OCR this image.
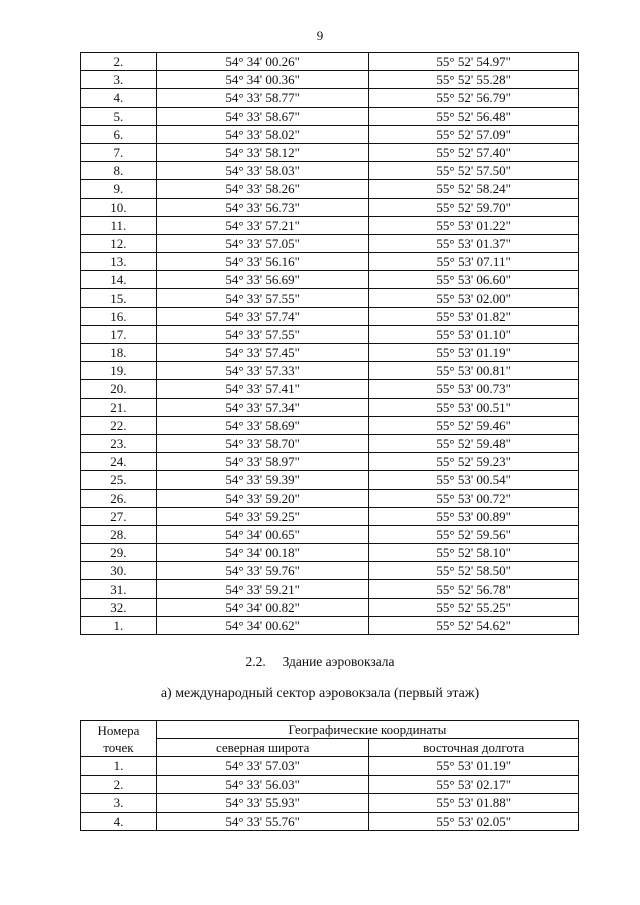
9
2.	54° 34' 00.26"	55° 52' 54.97"
3.	54° 34' 00.36"	55° 52' 55.28"
4.	54° 33' 58.77"	55° 52' 56.79"
5.	54° 33' 58.67"	55° 52' 56.48"
6.	54° 33' 58.02"	55° 52' 57.09"
7.	54° 33' 58.12"	55° 52' 57.40"
8.	54° 33' 58.03"	55° 52' 57.50"
9.	54° 33' 58.26"	55° 52' 58.24"
10.	54° 33' 56.73"	55° 52' 59.70"
11.	54° 33' 57.21"	55° 53' 01.22"
12.	54° 33' 57.05"	55° 53' 01.37"
13.	54° 33' 56.16"	55° 53' 07.11"
14.	54° 33' 56.69"	55° 53' 06.60"
15.	54° 33' 57.55"	55° 53' 02.00"
16.	54° 33' 57.74"	55° 53' 01.82"
17.	54° 33' 57.55"	55° 53' 01.10"
18.	54° 33' 57.45"	55° 53' 01.19"
19.	54° 33' 57.33"	55° 53' 00.81"
20.	54° 33' 57.41"	55° 53' 00.73"
21.	54° 33' 57.34"	55° 53' 00.51"
22.	54° 33' 58.69"	55° 52' 59.46"
23.	54° 33' 58.70"	55° 52' 59.48"
24.	54° 33' 58.97"	55° 52' 59.23"
25.	54° 33' 59.39"	55° 53' 00.54"
26.	54° 33' 59.20"	55° 53' 00.72"
27.	54° 33' 59.25"	55° 53' 00.89"
28.	54° 34' 00.65"	55° 52' 59.56"
29.	54° 34' 00.18"	55° 52' 58.10"
30.	54° 33' 59.76"	55° 52' 58.50"
31.	54° 33' 59.21"	55° 52' 56.78"
32.	54° 34' 00.82"	55° 52' 55.25"
1.	54° 34' 00.62"	55° 52' 54.62"
2.2. Здание аэровокзала
а) международный сектор аэровокзала (первый этаж)
Номера
точек	Географические координаты	
	северная широта	восточная долгота
1.	54° 33' 57.03"	55° 53' 01.19"
2.	54° 33' 56.03"	55° 53' 02.17"
3.	54° 33' 55.93"	55° 53' 01.88"
4.	54° 33' 55.76"	55° 53' 02.05"
